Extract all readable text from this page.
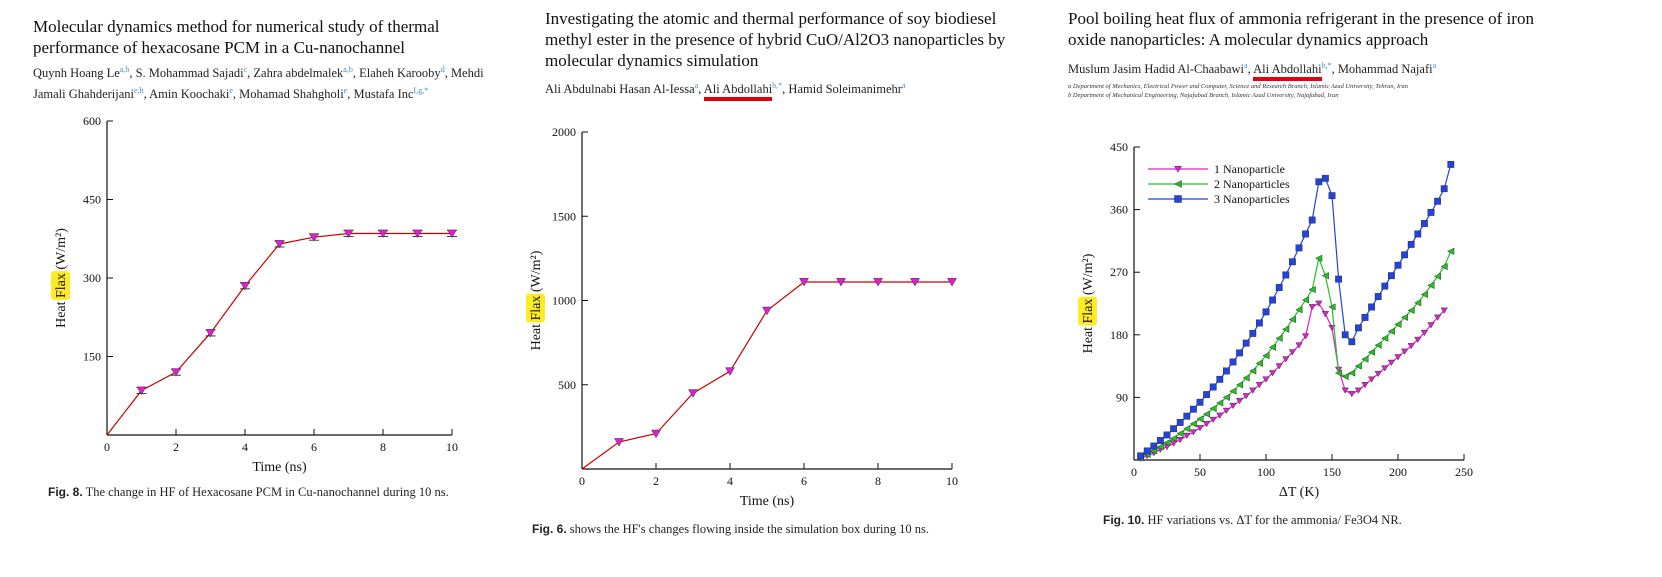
Molecular dynamics method for numerical study of thermal performance of hexacosane PCM in a Cu-nanochannel
Quynh Hoang Le$^{a,b}$, S. Mohammad Sajadi$^c$, Zahra abdelmalek$^{a,b}$, Elaheh Karooby$^d$, Mehdi Jamali Ghahderijani$^{e,h}$, Amin Koochaki$^e$, Mohamad Shahgholi$^e$, Mustafa Inc$^{f,g,*}$
150
300
450
600
0	2	4	6	8	10
Time (ns)
Heat Flax (W/m²)
Fig. 8. The change in HF of Hexacosane PCM in Cu-nanochannel during 10 ns.
Investigating the atomic and thermal performance of soy biodiesel methyl ester in the presence of hybrid CuO/Al2O3 nanoparticles by molecular dynamics simulation
Ali Abdulnabi Hasan Al-Iessa$^a$, Ali Abdollahi$^{b,*}$, Hamid Soleimanimehr$^a$
500
1000
1500
2000
0	2	4	6	8	10
Time (ns)
Heat Flax (W/m²)
Fig. 6. shows the HF's changes flowing inside the simulation box during 10 ns.
Pool boiling heat flux of ammonia refrigerant in the presence of iron oxide nanoparticles: A molecular dynamics approach
Muslum Jasim Hadid Al-Chaabawi$^a$, Ali Abdollahi$^{b,*}$, Mohammad Najafi$^a$
a Department of Mechanics, Electrical Power and Computer, Science and Research Branch, Islamic Azad University, Tehran, Iran
b Department of Mechanical Engineering, Najafabad Branch, Islamic Azad University, Najafabad, Iran
90
180
270
360
450
0	50	100	150	200	250
ΔT (K)
Heat Flax (W/m²)
1 Nanoparticle
2 Nanoparticles
3 Nanoparticles
Fig. 10. HF variations vs. ΔT for the ammonia/ Fe3O4 NR.
